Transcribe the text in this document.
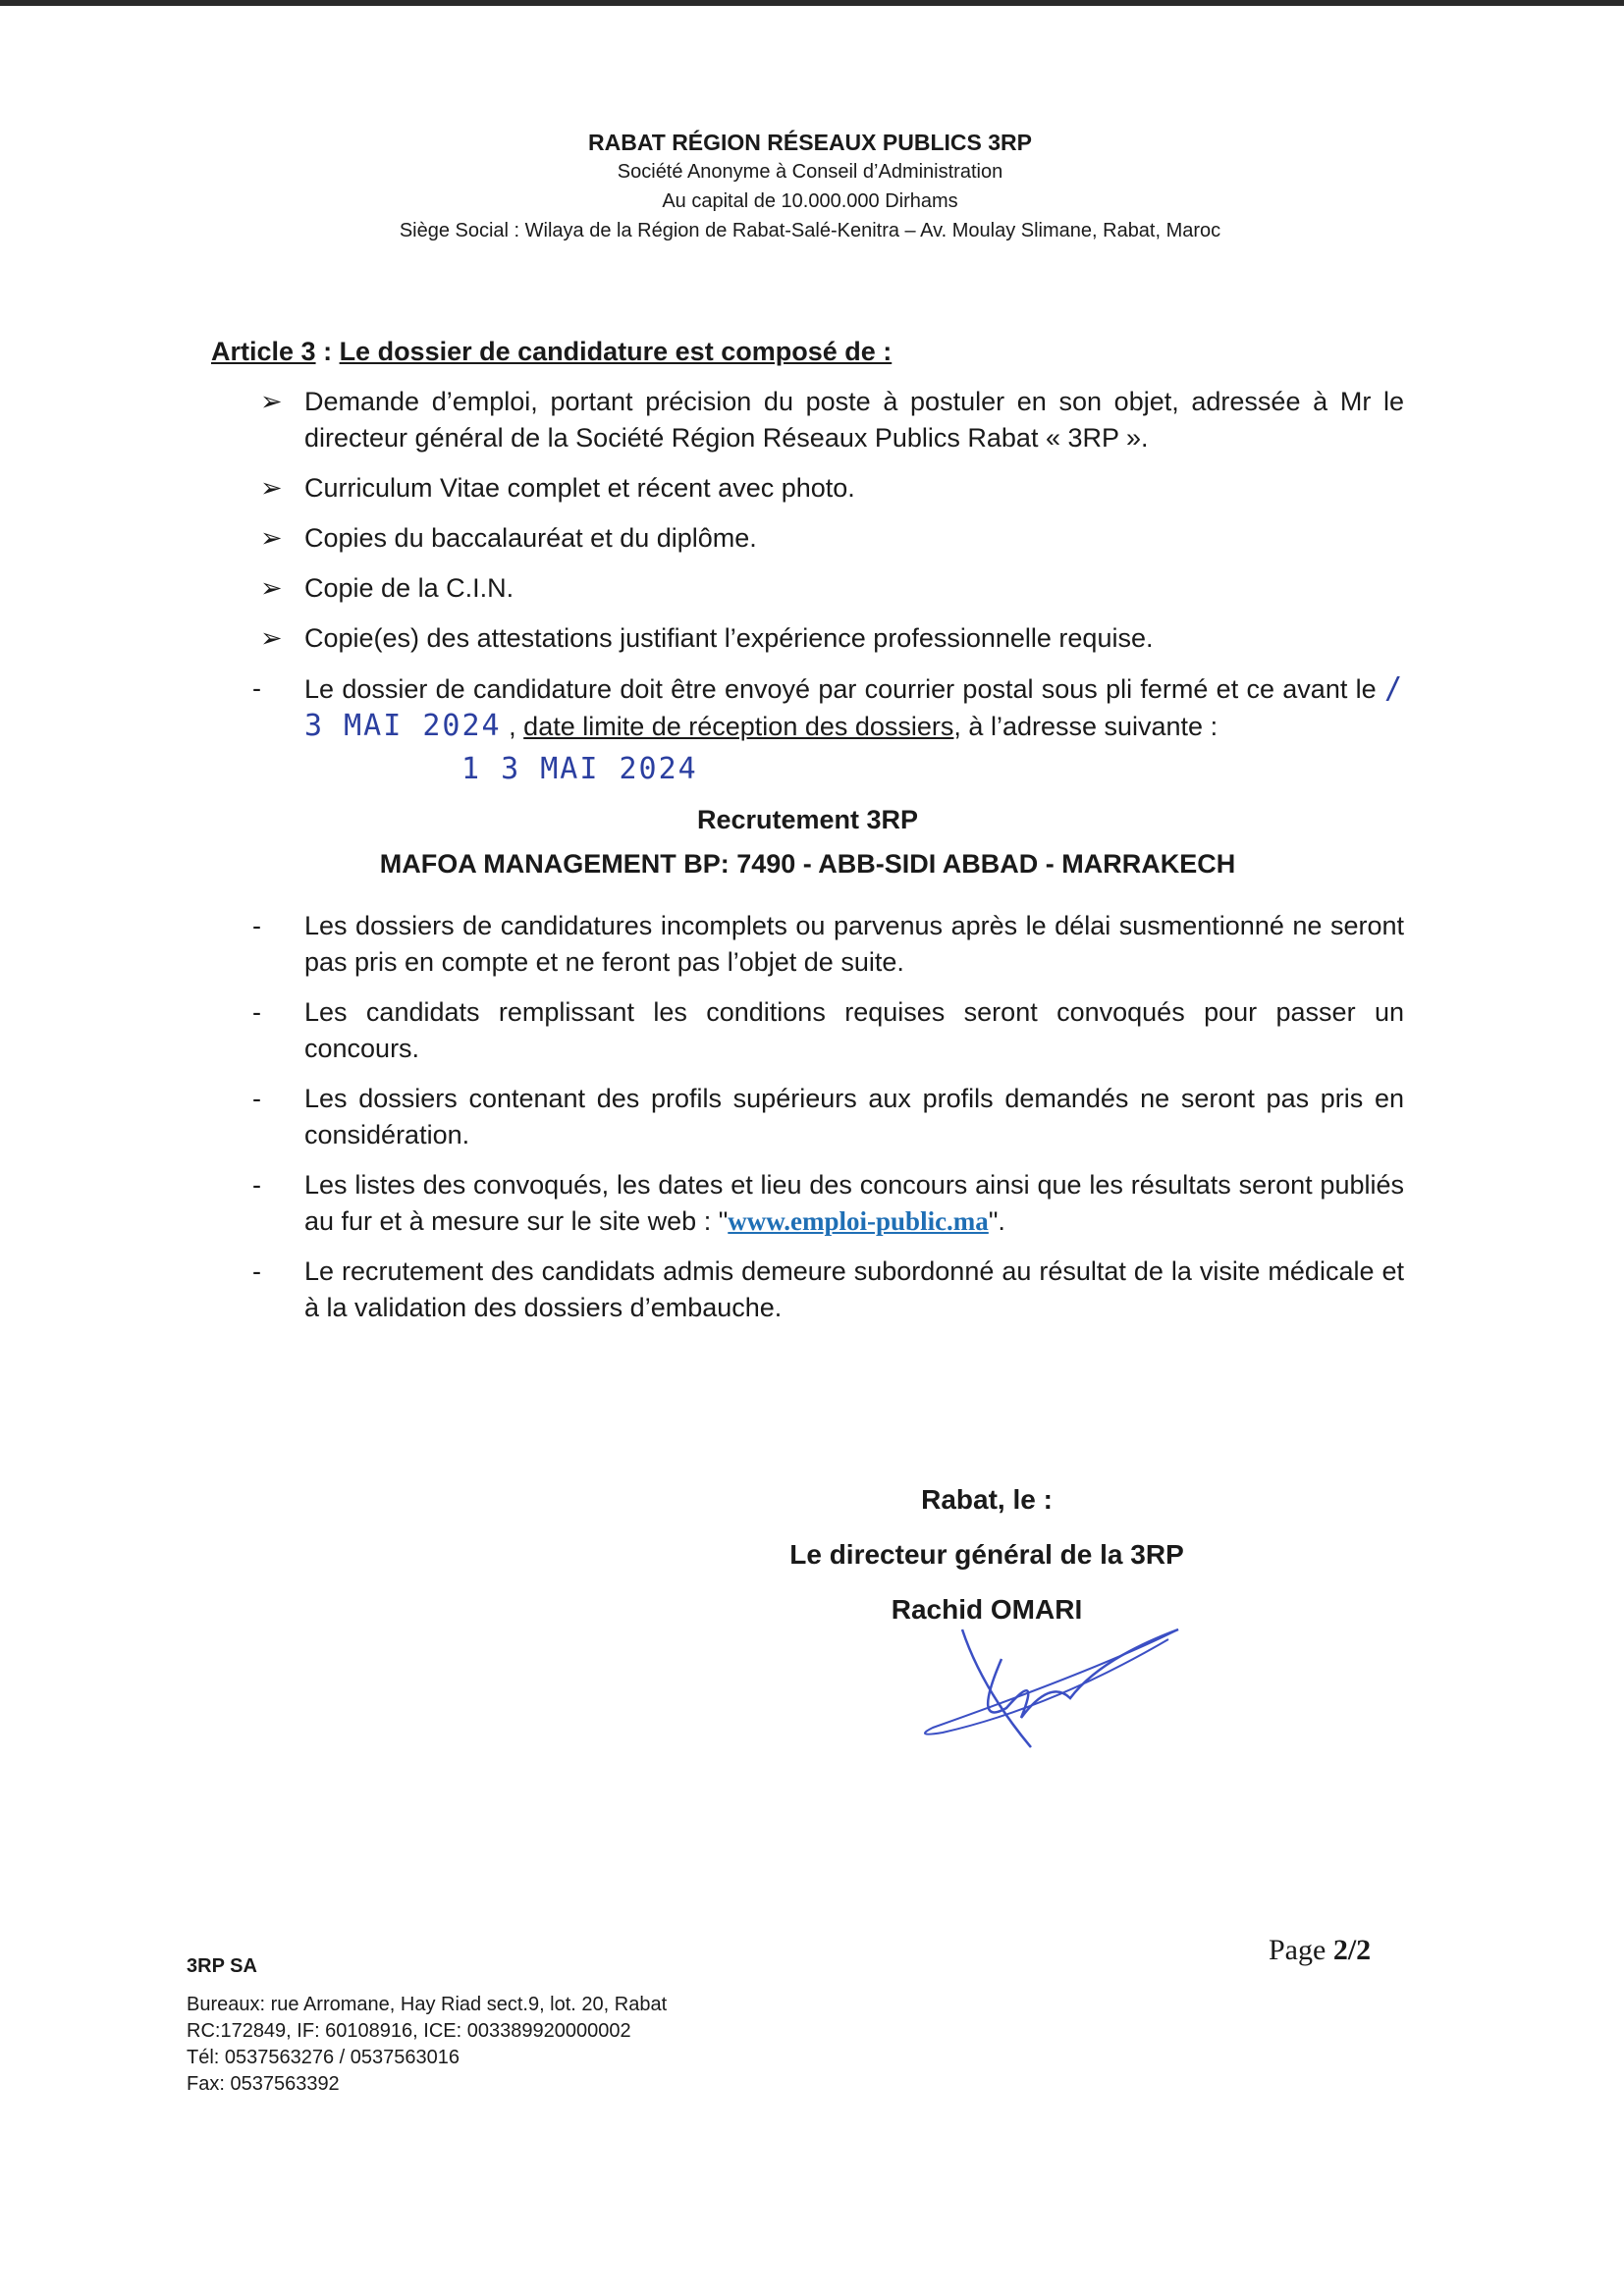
RABAT RÉGION RÉSEAUX PUBLICS 3RP
Société Anonyme à Conseil d’Administration
Au capital de 10.000.000 Dirhams
Siège Social : Wilaya de la Région de Rabat-Salé-Kenitra – Av. Moulay Slimane, Rabat, Maroc
Article 3 : Le dossier de candidature est composé de :
➢ Demande d’emploi, portant précision du poste à postuler en son objet, adressée à Mr le directeur général de la Société Région Réseaux Publics Rabat « 3RP ».
➢ Curriculum Vitae complet et récent avec photo.
➢ Copies du baccalauréat et du diplôme.
➢ Copie de la C.I.N.
➢ Copie(es) des attestations justifiant l’expérience professionnelle requise.
-	Le dossier de candidature doit être envoyé par courrier postal sous pli fermé et ce avant le / 3 MAI 2024 , date limite de réception des dossiers, à l’adresse suivante :
1 3 MAI 2024
Recrutement 3RP
MAFOA MANAGEMENT BP: 7490 - ABB-SIDI ABBAD - MARRAKECH
-	Les dossiers de candidatures incomplets ou parvenus après le délai susmentionné ne seront pas pris en compte et ne feront pas l’objet de suite.
-	Les candidats remplissant les conditions requises seront convoqués pour passer un concours.
-	Les dossiers contenant des profils supérieurs aux profils demandés ne seront pas pris en considération.
-	Les listes des convoqués, les dates et lieu des concours ainsi que les résultats seront publiés au fur et à mesure sur le site web : "www.emploi-public.ma".
-	Le recrutement des candidats admis demeure subordonné au résultat de la visite médicale et à la validation des dossiers d’embauche.
Rabat, le :
Le directeur général de la 3RP
Rachid OMARI
Page 2/2
3RP SA
Bureaux: rue Arromane, Hay Riad sect.9, lot. 20, Rabat
RC:172849, IF: 60108916, ICE: 003389920000002
Tél: 0537563276 / 0537563016
Fax: 0537563392
